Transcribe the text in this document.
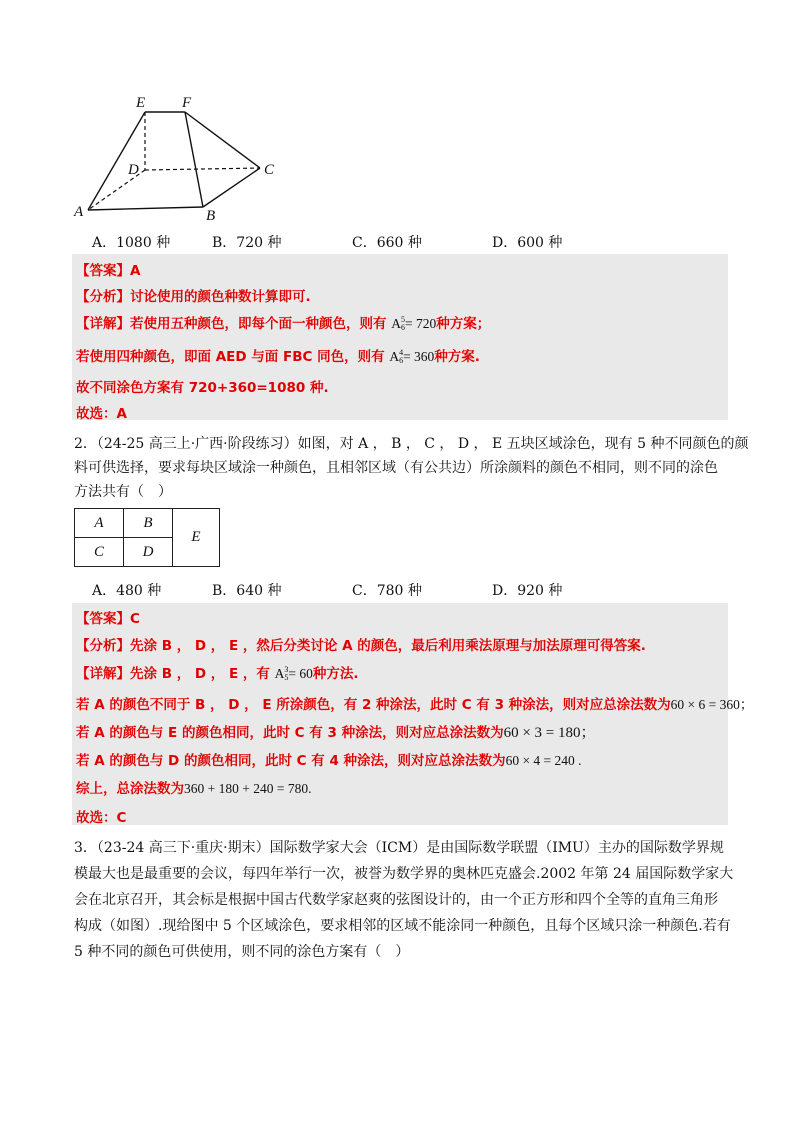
E F
D	C
A	B
A．1080 种	B．720 种	C．660 种	D．600 种
【答案】A
【分析】讨论使用的颜色种数计算即可.
【详解】若使用五种颜色，即每个面一种颜色，则有 A5
6= 720种方案；
若使用四种颜色，即面 AED 与面 FBC 同色，则有 A4
6= 360种方案.
故不同涂色方案有 720+360=1080 种.
故选：A
2．（24-25 高三上·广西·阶段练习）如图，对 A ， B ， C ， D ， E 五块区域涂色，现有 5 种不同颜色的颜
料可供选择，要求每块区域涂一种颜色，且相邻区域（有公共边）所涂颜料的颜色不相同，则不同的涂色
方法共有（　）
A	B	E
C	D	
A．480 种	B．640 种	C．780 种	D．920 种
【答案】C
【分析】先涂 B ， D ， E ，然后分类讨论 A 的颜色，最后利用乘法原理与加法原理可得答案.
【详解】先涂 B ， D ， E ，有 A3
5= 60种方法.
若 A 的颜色不同于 B ， D ， E 所涂颜色，有 2 种涂法，此时 C 有 3 种涂法，则对应总涂法数为60 × 6 = 360；
若 A 的颜色与 E 的颜色相同，此时 C 有 3 种涂法，则对应总涂法数为60 × 3 = 180；
若 A 的颜色与 D 的颜色相同，此时 C 有 4 种涂法，则对应总涂法数为60 × 4 = 240 .
综上，总涂法数为360 + 180 + 240 = 780.
故选：C
3．（23-24 高三下·重庆·期末）国际数学家大会（ICM）是由国际数学联盟（IMU）主办的国际数学界规
模最大也是最重要的会议，每四年举行一次，被誉为数学界的奥林匹克盛会.2002 年第 24 届国际数学家大
会在北京召开，其会标是根据中国古代数学家赵爽的弦图设计的，由一个正方形和四个全等的直角三角形
构成（如图）.现给图中 5 个区域涂色，要求相邻的区域不能涂同一种颜色，且每个区域只涂一种颜色.若有
5 种不同的颜色可供使用，则不同的涂色方案有（　）
